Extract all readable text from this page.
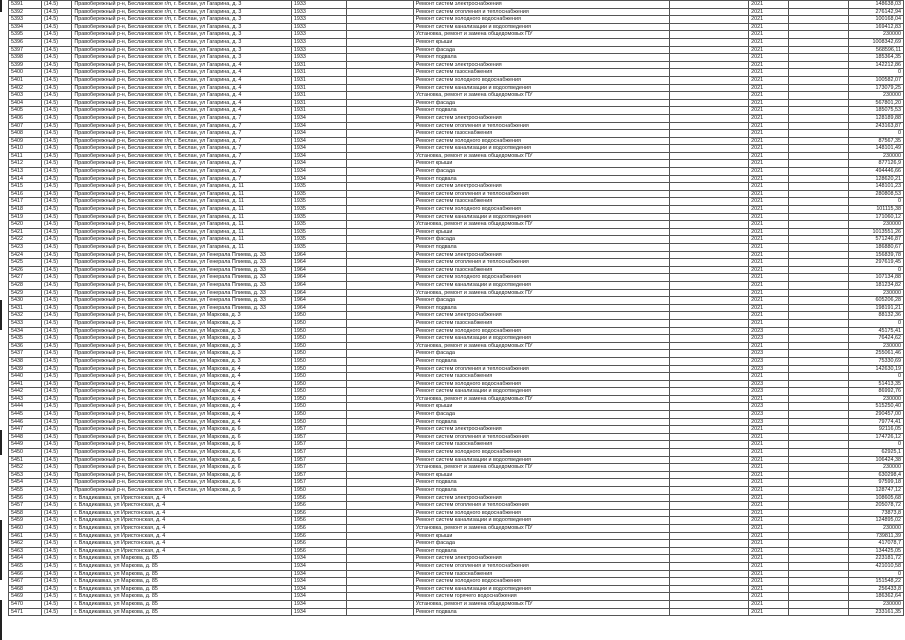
5391	(14.5)	Правобережный р-н, Беслановское г/п, г. Беслан, ул Гагарина, д. 3	1933		Ремонт систем электроснабжения		2021		148638,03
5392	(14.5)	Правобережный р-н, Беслановское г/п, г. Беслан, ул Гагарина, д. 3	1933		Ремонт систем отопления и теплоснабжения		2021		276142,94
5393	(14.5)	Правобережный р-н, Беслановское г/п, г. Беслан, ул Гагарина, д. 3	1933		Ремонт систем холодного водоснабжения		2021		100168,04
5394	(14.5)	Правобережный р-н, Беслановское г/п, г. Беслан, ул Гагарина, д. 3	1933		Ремонт систем канализации и водоотведения		2021		169412,83
5395	(14.5)	Правобережный р-н, Беслановское г/п, г. Беслан, ул Гагарина, д. 3	1933		Установка, ремонт и замена общедомовых ПУ		2021		230000
5396	(14.5)	Правобережный р-н, Беслановское г/п, г. Беслан, ул Гагарина, д. 3	1933		Ремонт крыши		2021		1008342,69
5397	(14.5)	Правобережный р-н, Беслановское г/п, г. Беслан, ул Гагарина, д. 3	1933		Ремонт фасада		2021		568596,11
5398	(14.5)	Правобережный р-н, Беслановское г/п, г. Беслан, ул Гагарина, д. 3	1933		Ремонт подвала		2021		185364,35
5399	(14.5)	Правобережный р-н, Беслановское г/п, г. Беслан, ул Гагарина, д. 4	1931		Ремонт систем электроснабжения		2021		142212,86
5400	(14.5)	Правобережный р-н, Беслановское г/п, г. Беслан, ул Гагарина, д. 4	1931		Ремонт систем газоснабжения		2021		0
5401	(14.5)	Правобережный р-н, Беслановское г/п, г. Беслан, ул Гагарина, д. 4	1931		Ремонт систем холодного водоснабжения		2021		100582,07
5402	(14.5)	Правобережный р-н, Беслановское г/п, г. Беслан, ул Гагарина, д. 4	1931		Ремонт систем канализации и водоотведения		2021		173079,25
5403	(14.5)	Правобережный р-н, Беслановское г/п, г. Беслан, ул Гагарина, д. 4	1931		Установка, ремонт и замена общедомовых ПУ		2021		230000
5404	(14.5)	Правобережный р-н, Беслановское г/п, г. Беслан, ул Гагарина, д. 4	1931		Ремонт фасада		2021		567801,20
5405	(14.5)	Правобережный р-н, Беслановское г/п, г. Беслан, ул Гагарина, д. 4	1931		Ремонт подвала		2021		185075,53
5406	(14.5)	Правобережный р-н, Беслановское г/п, г. Беслан, ул Гагарина, д. 7	1934		Ремонт систем электроснабжения		2021		128189,88
5407	(14.5)	Правобережный р-н, Беслановское г/п, г. Беслан, ул Гагарина, д. 7	1934		Ремонт систем отопления и теплоснабжения		2021		243163,87
5408	(14.5)	Правобережный р-н, Беслановское г/п, г. Беслан, ул Гагарина, д. 7	1934		Ремонт систем газоснабжения		2021		0
5409	(14.5)	Правобережный р-н, Беслановское г/п, г. Беслан, ул Гагарина, д. 7	1934		Ремонт систем холодного водоснабжения		2021		87567,35
5410	(14.5)	Правобережный р-н, Беслановское г/п, г. Беслан, ул Гагарина, д. 7	1934		Ремонт систем канализации и водоотведения		2021		148101,49
5411	(14.5)	Правобережный р-н, Беслановское г/п, г. Беслан, ул Гагарина, д. 7	1934		Установка, ремонт и замена общедомовых ПУ		2021		230000
5412	(14.5)	Правобережный р-н, Беслановское г/п, г. Беслан, ул Гагарина, д. 7	1934		Ремонт крыши		2021		877126,9
5413	(14.5)	Правобережный р-н, Беслановское г/п, г. Беслан, ул Гагарина, д. 7	1934		Ремонт фасада		2021		494446,66
5414	(14.5)	Правобережный р-н, Беслановское г/п, г. Беслан, ул Гагарина, д. 7	1934		Ремонт подвала		2021		128620,21
5415	(14.5)	Правобережный р-н, Беслановское г/п, г. Беслан, ул Гагарина, д. 11	1935		Ремонт систем электроснабжения		2021		148101,23
5416	(14.5)	Правобережный р-н, Беслановское г/п, г. Беслан, ул Гагарина, д. 11	1935		Ремонт систем отопления и теплоснабжения		2021		280808,53
5417	(14.5)	Правобережный р-н, Беслановское г/п, г. Беслан, ул Гагарина, д. 11	1935		Ремонт систем газоснабжения		2021		0
5418	(14.5)	Правобережный р-н, Беслановское г/п, г. Беслан, ул Гагарина, д. 11	1935		Ремонт систем холодного водоснабжения		2021		101115,38
5419	(14.5)	Правобережный р-н, Беслановское г/п, г. Беслан, ул Гагарина, д. 11	1935		Ремонт систем канализации и водоотведения		2021		171060,12
5420	(14.5)	Правобережный р-н, Беслановское г/п, г. Беслан, ул Гагарина, д. 11	1935		Установка, ремонт и замена общедомовых ПУ		2021		230000
5421	(14.5)	Правобережный р-н, Беслановское г/п, г. Беслан, ул Гагарина, д. 11	1935		Ремонт крыши		2021		1013551,26
5422	(14.5)	Правобережный р-н, Беслановское г/п, г. Беслан, ул Гагарина, д. 11	1935		Ремонт фасада		2021		571246,87
5423	(14.5)	Правобережный р-н, Беслановское г/п, г. Беслан, ул Гагарина, д. 11	1935		Ремонт подвала		2021		186880,67
5424	(14.5)	Правобережный р-н, Беслановское г/п, г. Беслан, ул Генерала Плиева, д. 33	1964		Ремонт систем электроснабжения		2021		156839,78
5425	(14.5)	Правобережный р-н, Беслановское г/п, г. Беслан, ул Генерала Плиева, д. 33	1964		Ремонт систем отопления и теплоснабжения		2021		297619,45
5426	(14.5)	Правобережный р-н, Беслановское г/п, г. Беслан, ул Генерала Плиева, д. 33	1964		Ремонт систем газоснабжения		2021		0
5427	(14.5)	Правобережный р-н, Беслановское г/п, г. Беслан, ул Генерала Плиева, д. 33	1964		Ремонт систем холодного водоснабжения		2021		107134,88
5428	(14.5)	Правобережный р-н, Беслановское г/п, г. Беслан, ул Генерала Плиева, д. 33	1964		Ремонт систем канализации и водоотведения		2021		181234,82
5429	(14.5)	Правобережный р-н, Беслановское г/п, г. Беслан, ул Генерала Плиева, д. 33	1964		Установка, ремонт и замена общедомовых ПУ		2021		230000
5430	(14.5)	Правобережный р-н, Беслановское г/п, г. Беслан, ул Генерала Плиева, д. 33	1964		Ремонт фасада		2021		605206,28
5431	(14.5)	Правобережный р-н, Беслановское г/п, г. Беслан, ул Генерала Плиева, д. 33	1964		Ремонт подвала		2021		198191,21
5432	(14.5)	Правобережный р-н, Беслановское г/п, г. Беслан, ул Маркова, д. 3	1950		Ремонт систем электроснабжения		2021		88132,36
5433	(14.5)	Правобережный р-н, Беслановское г/п, г. Беслан, ул Маркова, д. 3	1950		Ремонт систем газоснабжения		2021		0
5434	(14.5)	Правобережный р-н, Беслановское г/п, г. Беслан, ул Маркова, д. 3	1950		Ремонт систем холодного водоснабжения		2023		45175,41
5435	(14.5)	Правобережный р-н, Беслановское г/п, г. Беслан, ул Маркова, д. 3	1950		Ремонт систем канализации и водоотведения		2023		76424,62
5436	(14.5)	Правобережный р-н, Беслановское г/п, г. Беслан, ул Маркова, д. 3	1950		Установка, ремонт и замена общедомовых ПУ		2021		230000
5437	(14.5)	Правобережный р-н, Беслановское г/п, г. Беслан, ул Маркова, д. 3	1950		Ремонт фасада		2023		255061,46
5438	(14.5)	Правобережный р-н, Беслановское г/п, г. Беслан, ул Маркова, д. 3	1950		Ремонт подвала		2023		75330,69
5439	(14.5)	Правобережный р-н, Беслановское г/п, г. Беслан, ул Маркова, д. 4	1950		Ремонт систем отопления и теплоснабжения		2023		142630,19
5440	(14.5)	Правобережный р-н, Беслановское г/п, г. Беслан, ул Маркова, д. 4	1950		Ремонт систем газоснабжения		2021		0
5441	(14.5)	Правобережный р-н, Беслановское г/п, г. Беслан, ул Маркова, д. 4	1950		Ремонт систем холодного водоснабжения		2023		51413,35
5442	(14.5)	Правобережный р-н, Беслановское г/п, г. Беслан, ул Маркова, д. 4	1950		Ремонт систем канализации и водоотведения		2023		86992,76
5443	(14.5)	Правобережный р-н, Беслановское г/п, г. Беслан, ул Маркова, д. 4	1950		Установка, ремонт и замена общедомовых ПУ		2021		230000
5444	(14.5)	Правобережный р-н, Беслановское г/п, г. Беслан, ул Маркова, д. 4	1950		Ремонт крыши		2023		515250,40
5445	(14.5)	Правобережный р-н, Беслановское г/п, г. Беслан, ул Маркова, д. 4	1950		Ремонт фасада		2023		290457,00
5446	(14.5)	Правобережный р-н, Беслановское г/п, г. Беслан, ул Маркова, д. 4	1950		Ремонт подвала		2023		79774,41
5447	(14.5)	Правобережный р-н, Беслановское г/п, г. Беслан, ул Маркова, д. 6	1957		Ремонт систем электроснабжения		2021		92116,05
5448	(14.5)	Правобережный р-н, Беслановское г/п, г. Беслан, ул Маркова, д. 6	1957		Ремонт систем отопления и теплоснабжения		2021		174726,12
5449	(14.5)	Правобережный р-н, Беслановское г/п, г. Беслан, ул Маркова, д. 6	1957		Ремонт систем газоснабжения		2021		0
5450	(14.5)	Правобережный р-н, Беслановское г/п, г. Беслан, ул Маркова, д. 6	1957		Ремонт систем холодного водоснабжения		2021		62925,1
5451	(14.5)	Правобережный р-н, Беслановское г/п, г. Беслан, ул Маркова, д. 6	1957		Ремонт систем канализации и водоотведения		2021		106424,38
5452	(14.5)	Правобережный р-н, Беслановское г/п, г. Беслан, ул Маркова, д. 6	1957		Установка, ремонт и замена общедомовых ПУ		2021		230000
5453	(14.5)	Правобережный р-н, Беслановское г/п, г. Беслан, ул Маркова, д. 6	1957		Ремонт крыши		2021		630298,4
5454	(14.5)	Правобережный р-н, Беслановское г/п, г. Беслан, ул Маркова, д. 6	1957		Ремонт подвала		2021		97599,18
5455	(14.5)	Правобережный р-н, Беслановское г/п, г. Беслан, ул Маркова, д. 9	1950		Ремонт подвала		2021		128747,12
5456	(14.5)	г. Владикавказ, ул Иристонская, д. 4	1956		Ремонт систем электроснабжения		2021		108605,68
5457	(14.5)	г. Владикавказ, ул Иристонская, д. 4	1956		Ремонт систем отопления и теплоснабжения		2021		205078,72
5458	(14.5)	г. Владикавказ, ул Иристонская, д. 4	1956		Ремонт систем холодного водоснабжения		2021		73873,8
5459	(14.5)	г. Владикавказ, ул Иристонская, д. 4	1956		Ремонт систем канализации и водоотведения		2021		124895,02
5460	(14.5)	г. Владикавказ, ул Иристонская, д. 4	1956		Установка, ремонт и замена общедомовых ПУ		2021		230000
5461	(14.5)	г. Владикавказ, ул Иристонская, д. 4	1956		Ремонт крыши		2021		739811,39
5462	(14.5)	г. Владикавказ, ул Иристонская, д. 4	1956		Ремонт фасада		2021		417078,7
5463	(14.5)	г. Владикавказ, ул Иристонская, д. 4	1956		Ремонт подвала		2021		134425,05
5464	(14.5)	г. Владикавказ, ул Маркова, д. 85	1934		Ремонт систем электроснабжения		2021		223181,72
5465	(14.5)	г. Владикавказ, ул Маркова, д. 85	1934		Ремонт систем отопления и теплоснабжения		2021		421010,58
5466	(14.5)	г. Владикавказ, ул Маркова, д. 85	1934		Ремонт систем газоснабжения		2021		0
5467	(14.5)	г. Владикавказ, ул Маркова, д. 85	1934		Ремонт систем холодного водоснабжения		2021		151548,22
5468	(14.5)	г. Владикавказ, ул Маркова, д. 85	1934		Ремонт систем канализации и водоотведения		2021		256433,8
5469	(14.5)	г. Владикавказ, ул Маркова, д. 85	1934		Ремонт систем горячего водоснабжения		2021		186362,64
5470	(14.5)	г. Владикавказ, ул Маркова, д. 85	1934		Установка, ремонт и замена общедомовых ПУ		2021		230000
5471	(14.5)	г. Владикавказ, ул Маркова, д. 85	1934		Ремонт подвала		2021		233161,35
